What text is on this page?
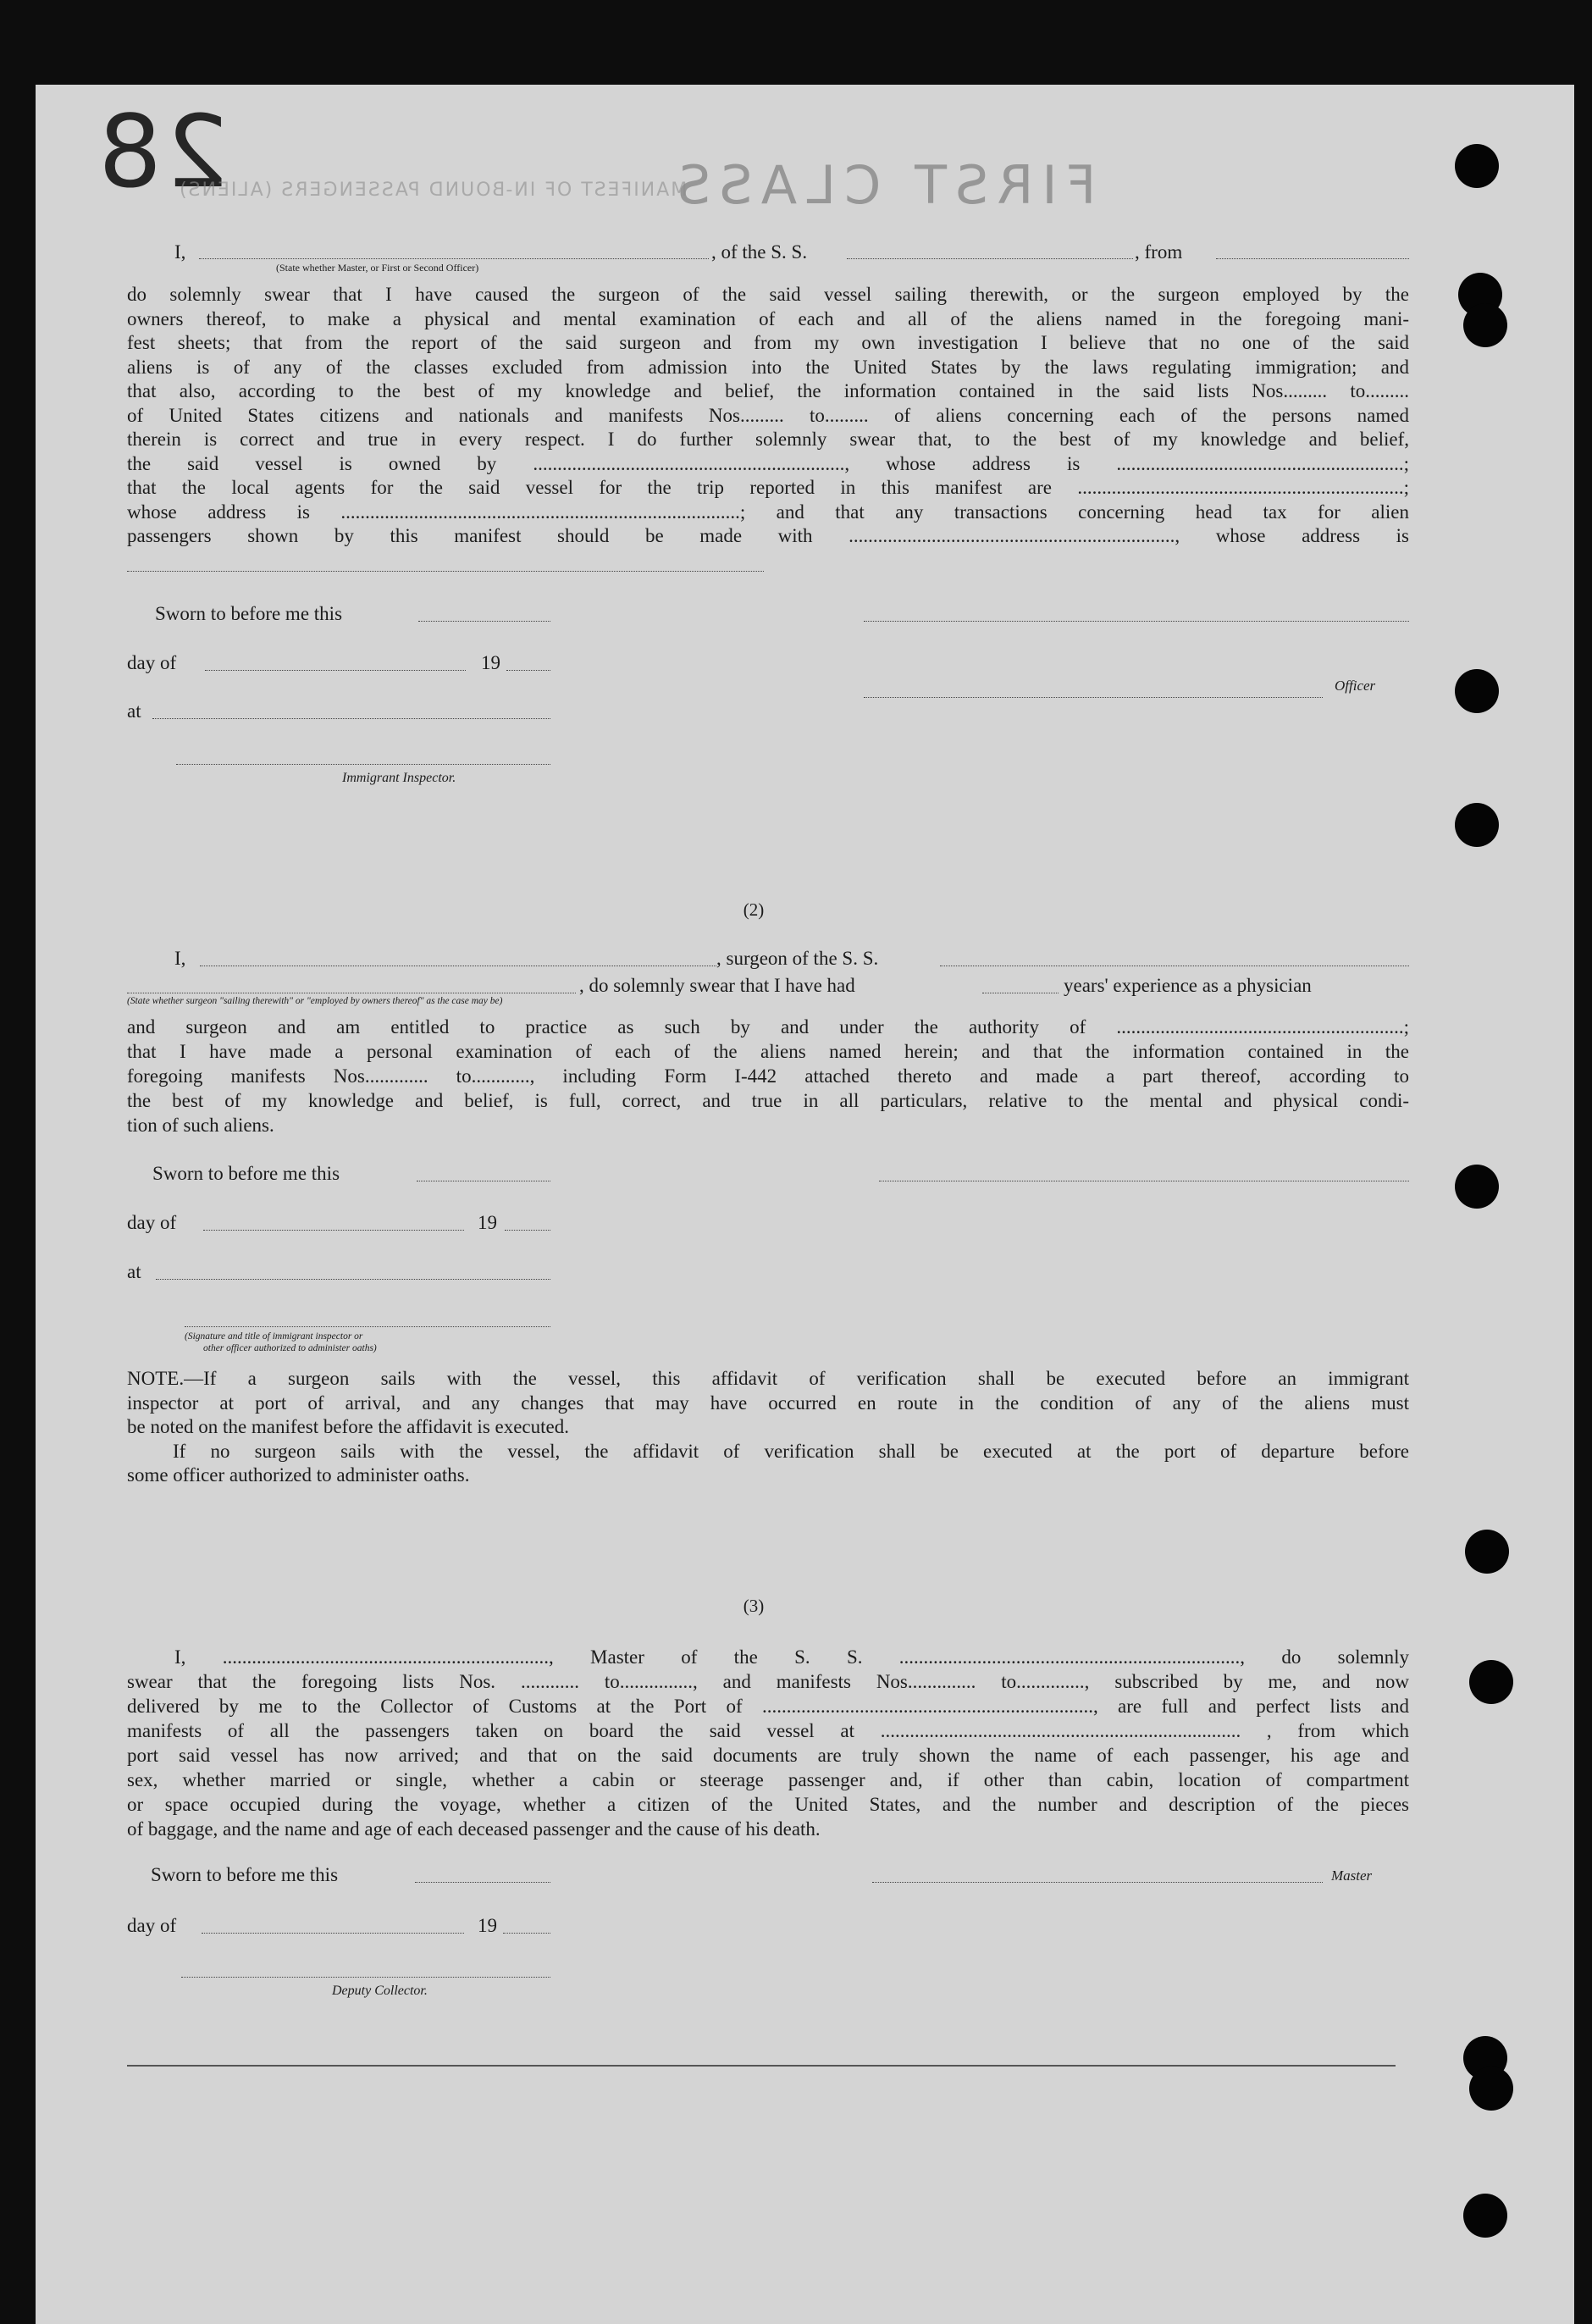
28	FIRST CLASS
MANIFEST OF IN-BOUND PASSENGERS (ALIENS)
I,	, of the S. S.	, from
(State whether Master, or First or Second Officer)
do solemnly swear that I have caused the surgeon of the said vessel sailing therewith, or the surgeon employed by the
owners thereof, to make a physical and mental examination of each and all of the aliens named in the foregoing mani-
fest sheets; that from the report of the said surgeon and from my own investigation I believe that no one of the said
aliens is of any of the classes excluded from admission into the United States by the laws regulating immigration; and
that also, according to the best of my knowledge and belief, the information contained in the said lists Nos......... to.........
of United States citizens and nationals and manifests Nos......... to......... of aliens concerning each of the persons named
therein is correct and true in every respect. I do further solemnly swear that, to the best of my knowledge and belief,
the said vessel is owned by ................................................................, whose address is ...........................................................;
that the local agents for the said vessel for the trip reported in this manifest are ...................................................................;
whose address is ..................................................................................; and that any transactions concerning head tax for alien
passengers shown by this manifest should be made with ..................................................................., whose address is
Sworn to before me this
day of	19
Officer
at
Immigrant Inspector.
(2)
I,	, surgeon of the S. S.
, do solemnly swear that I have had	years' experience as a physician
(State whether surgeon "sailing therewith" or "employed by owners thereof" as the case may be)
and surgeon and am entitled to practice as such by and under the authority of ...........................................................;
that I have made a personal examination of each of the aliens named herein; and that the information contained in the
foregoing manifests Nos............. to............, including Form I-442 attached thereto and made a part thereof, according to
the best of my knowledge and belief, is full, correct, and true in all particulars, relative to the mental and physical condi-
tion of such aliens.
Sworn to before me this
day of	19
at
(Signature and title of immigrant inspector or
other officer authorized to administer oaths)
NOTE.—If a surgeon sails with the vessel, this affidavit of verification shall be executed before an immigrant
inspector at port of arrival, and any changes that may have occurred en route in the condition of any of the aliens must
be noted on the manifest before the affidavit is executed.
If no surgeon sails with the vessel, the affidavit of verification shall be executed at the port of departure before
some officer authorized to administer oaths.
(3)
I, ..................................................................., Master of the S. S. ......................................................................, do solemnly
swear that the foregoing lists Nos. ............ to..............., and manifests Nos.............. to.............., subscribed by me, and now
delivered by me to the Collector of Customs at the Port of ...................................................................., are full and perfect lists and
manifests of all the passengers taken on board the said vessel at .......................................................................... , from which
port said vessel has now arrived; and that on the said documents are truly shown the name of each passenger, his age and
sex, whether married or single, whether a cabin or steerage passenger and, if other than cabin, location of compartment
or space occupied during the voyage, whether a citizen of the United States, and the number and description of the pieces
of baggage, and the name and age of each deceased passenger and the cause of his death.
Sworn to before me this	Master
day of	19
Deputy Collector.
